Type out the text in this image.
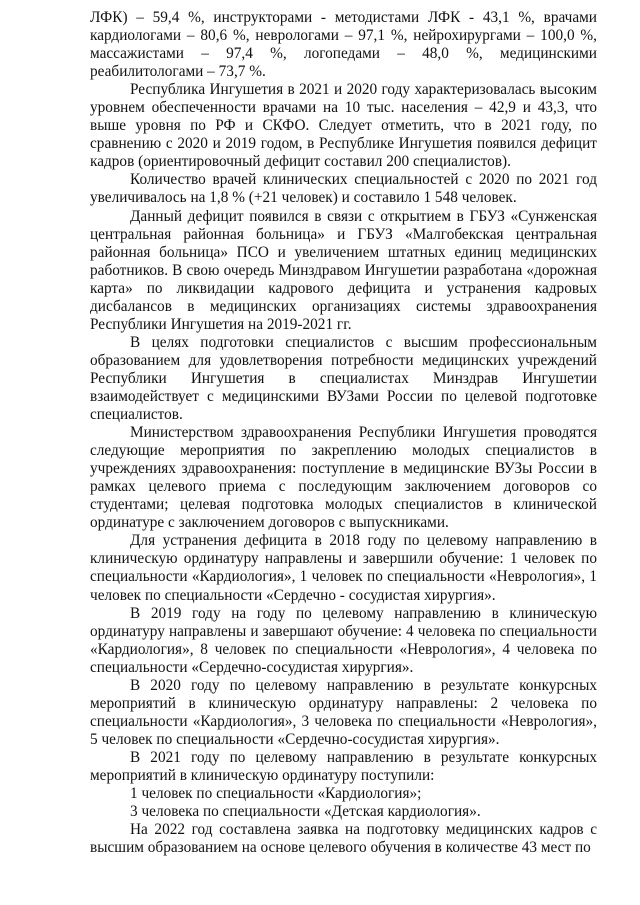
ЛФК) – 59,4 %, инструкторами - методистами ЛФК - 43,1 %, врачами кардиологами – 80,6 %, неврологами – 97,1 %, нейрохирургами – 100,0 %, массажистами – 97,4 %, логопедами – 48,0 %, медицинскими реабилитологами – 73,7 %.

Республика Ингушетия в 2021 и 2020 году характеризовалась высоким уровнем обеспеченности врачами на 10 тыс. населения – 42,9 и 43,3, что выше уровня по РФ и СКФО. Следует отметить, что в 2021 году, по сравнению с 2020 и 2019 годом, в Республике Ингушетия появился дефицит кадров (ориентировочный дефицит составил 200 специалистов).

Количество врачей клинических специальностей с 2020 по 2021 год увеличивалось на 1,8 % (+21 человек) и составило 1 548 человек.

Данный дефицит появился в связи с открытием в ГБУЗ «Сунженская центральная районная больница» и ГБУЗ «Малгобекская центральная районная больница» ПСО и увеличением штатных единиц медицинских работников. В свою очередь Минздравом Ингушетии разработана «дорожная карта» по ликвидации кадрового дефицита и устранения кадровых дисбалансов в медицинских организациях системы здравоохранения Республики Ингушетия на 2019-2021 гг.

В целях подготовки специалистов с высшим профессиональным образованием для удовлетворения потребности медицинских учреждений Республики Ингушетия в специалистах Минздрав Ингушетии взаимодействует с медицинскими ВУЗами России по целевой подготовке специалистов.

Министерством здравоохранения Республики Ингушетия проводятся следующие мероприятия по закреплению молодых специалистов в учреждениях здравоохранения: поступление в медицинские ВУЗы России в рамках целевого приема с последующим заключением договоров со студентами; целевая подготовка молодых специалистов в клинической ординатуре с заключением договоров с выпускниками.

Для устранения дефицита в 2018 году по целевому направлению в клиническую ординатуру направлены и завершили обучение: 1 человек по специальности «Кардиология», 1 человек по специальности «Неврология», 1 человек по специальности «Сердечно - сосудистая хирургия».

В 2019 году на году по целевому направлению в клиническую ординатуру направлены и завершают обучение: 4 человека по специальности «Кардиология», 8 человек по специальности «Неврология», 4 человека по специальности «Сердечно-сосудистая хирургия».

В 2020 году по целевому направлению в результате конкурсных мероприятий в клиническую ординатуру направлены: 2 человека по специальности «Кардиология», 3 человека по специальности «Неврология», 5 человек по специальности «Сердечно-сосудистая хирургия».

В 2021 году по целевому направлению в результате конкурсных мероприятий в клиническую ординатуру поступили:

1 человек по специальности «Кардиология»;

3 человека по специальности «Детская кардиология».

На 2022 год составлена заявка на подготовку медицинских кадров с высшим образованием на основе целевого обучения в количестве 43 мест по
